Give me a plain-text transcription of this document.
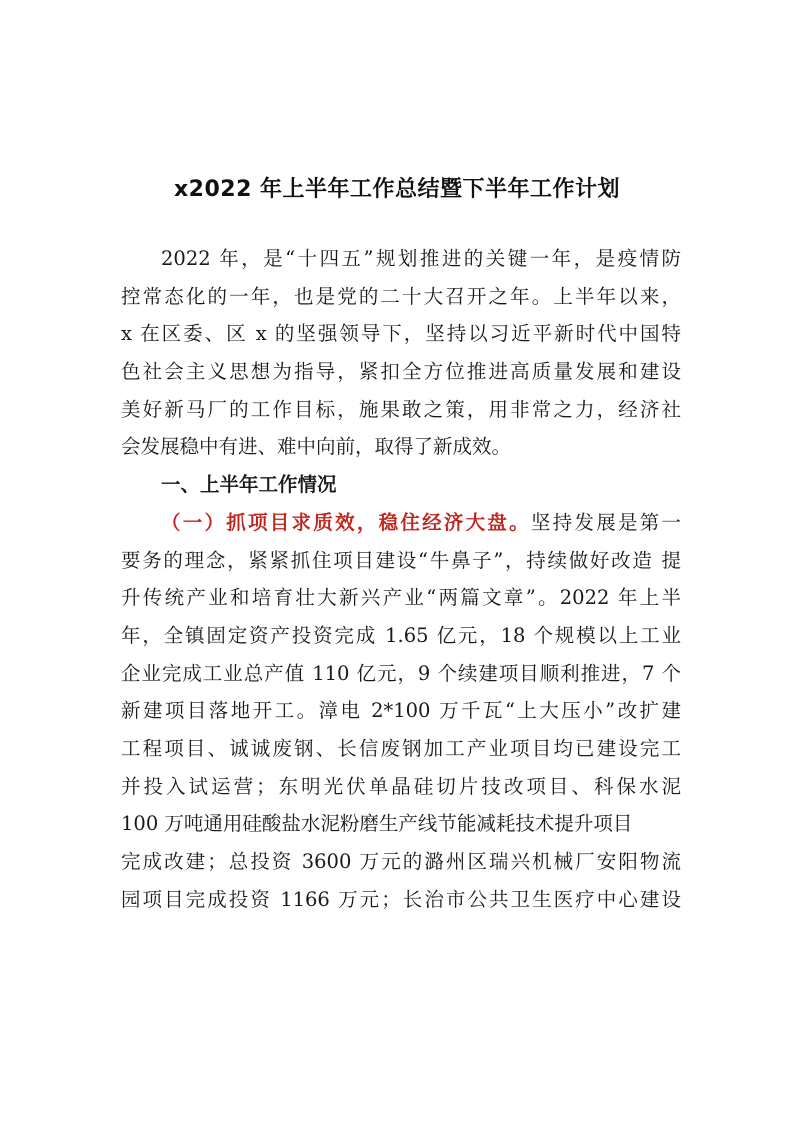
x2022 年上半年工作总结暨下半年工作计划
2022 年，是“十四五”规划推进的关键一年，是疫情防
控常态化的一年，也是党的二十大召开之年。上半年以来，
x 在区委、区 x 的坚强领导下，坚持以习近平新时代中国特
色社会主义思想为指导，紧扣全方位推进高质量发展和建设
美好新马厂的工作目标，施果敢之策，用非常之力，经济社
会发展稳中有进、难中向前，取得了新成效。
一、上半年工作情况
（一）抓项目求质效，稳住经济大盘。坚持发展是第一
要务的理念，紧紧抓住项目建设“牛鼻子”，持续做好改造 提
升传统产业和培育壮大新兴产业“两篇文章”。2022 年上半
年，全镇固定资产投资完成 1.65 亿元，18 个规模以上工业
企业完成工业总产值 110 亿元，9 个续建项目顺利推进，7 个
新建项目落地开工。漳电 2*100 万千瓦“上大压小”改扩建
工程项目、诚诚废钢、长信废钢加工产业项目均已建设完工
并投入试运营；东明光伏单晶硅切片技改项目、科保水泥
100 万吨通用硅酸盐水泥粉磨生产线节能减耗技术提升项目
完成改建；总投资 3600 万元的潞州区瑞兴机械厂安阳物流
园项目完成投资 1166 万元；长治市公共卫生医疗中心建设
